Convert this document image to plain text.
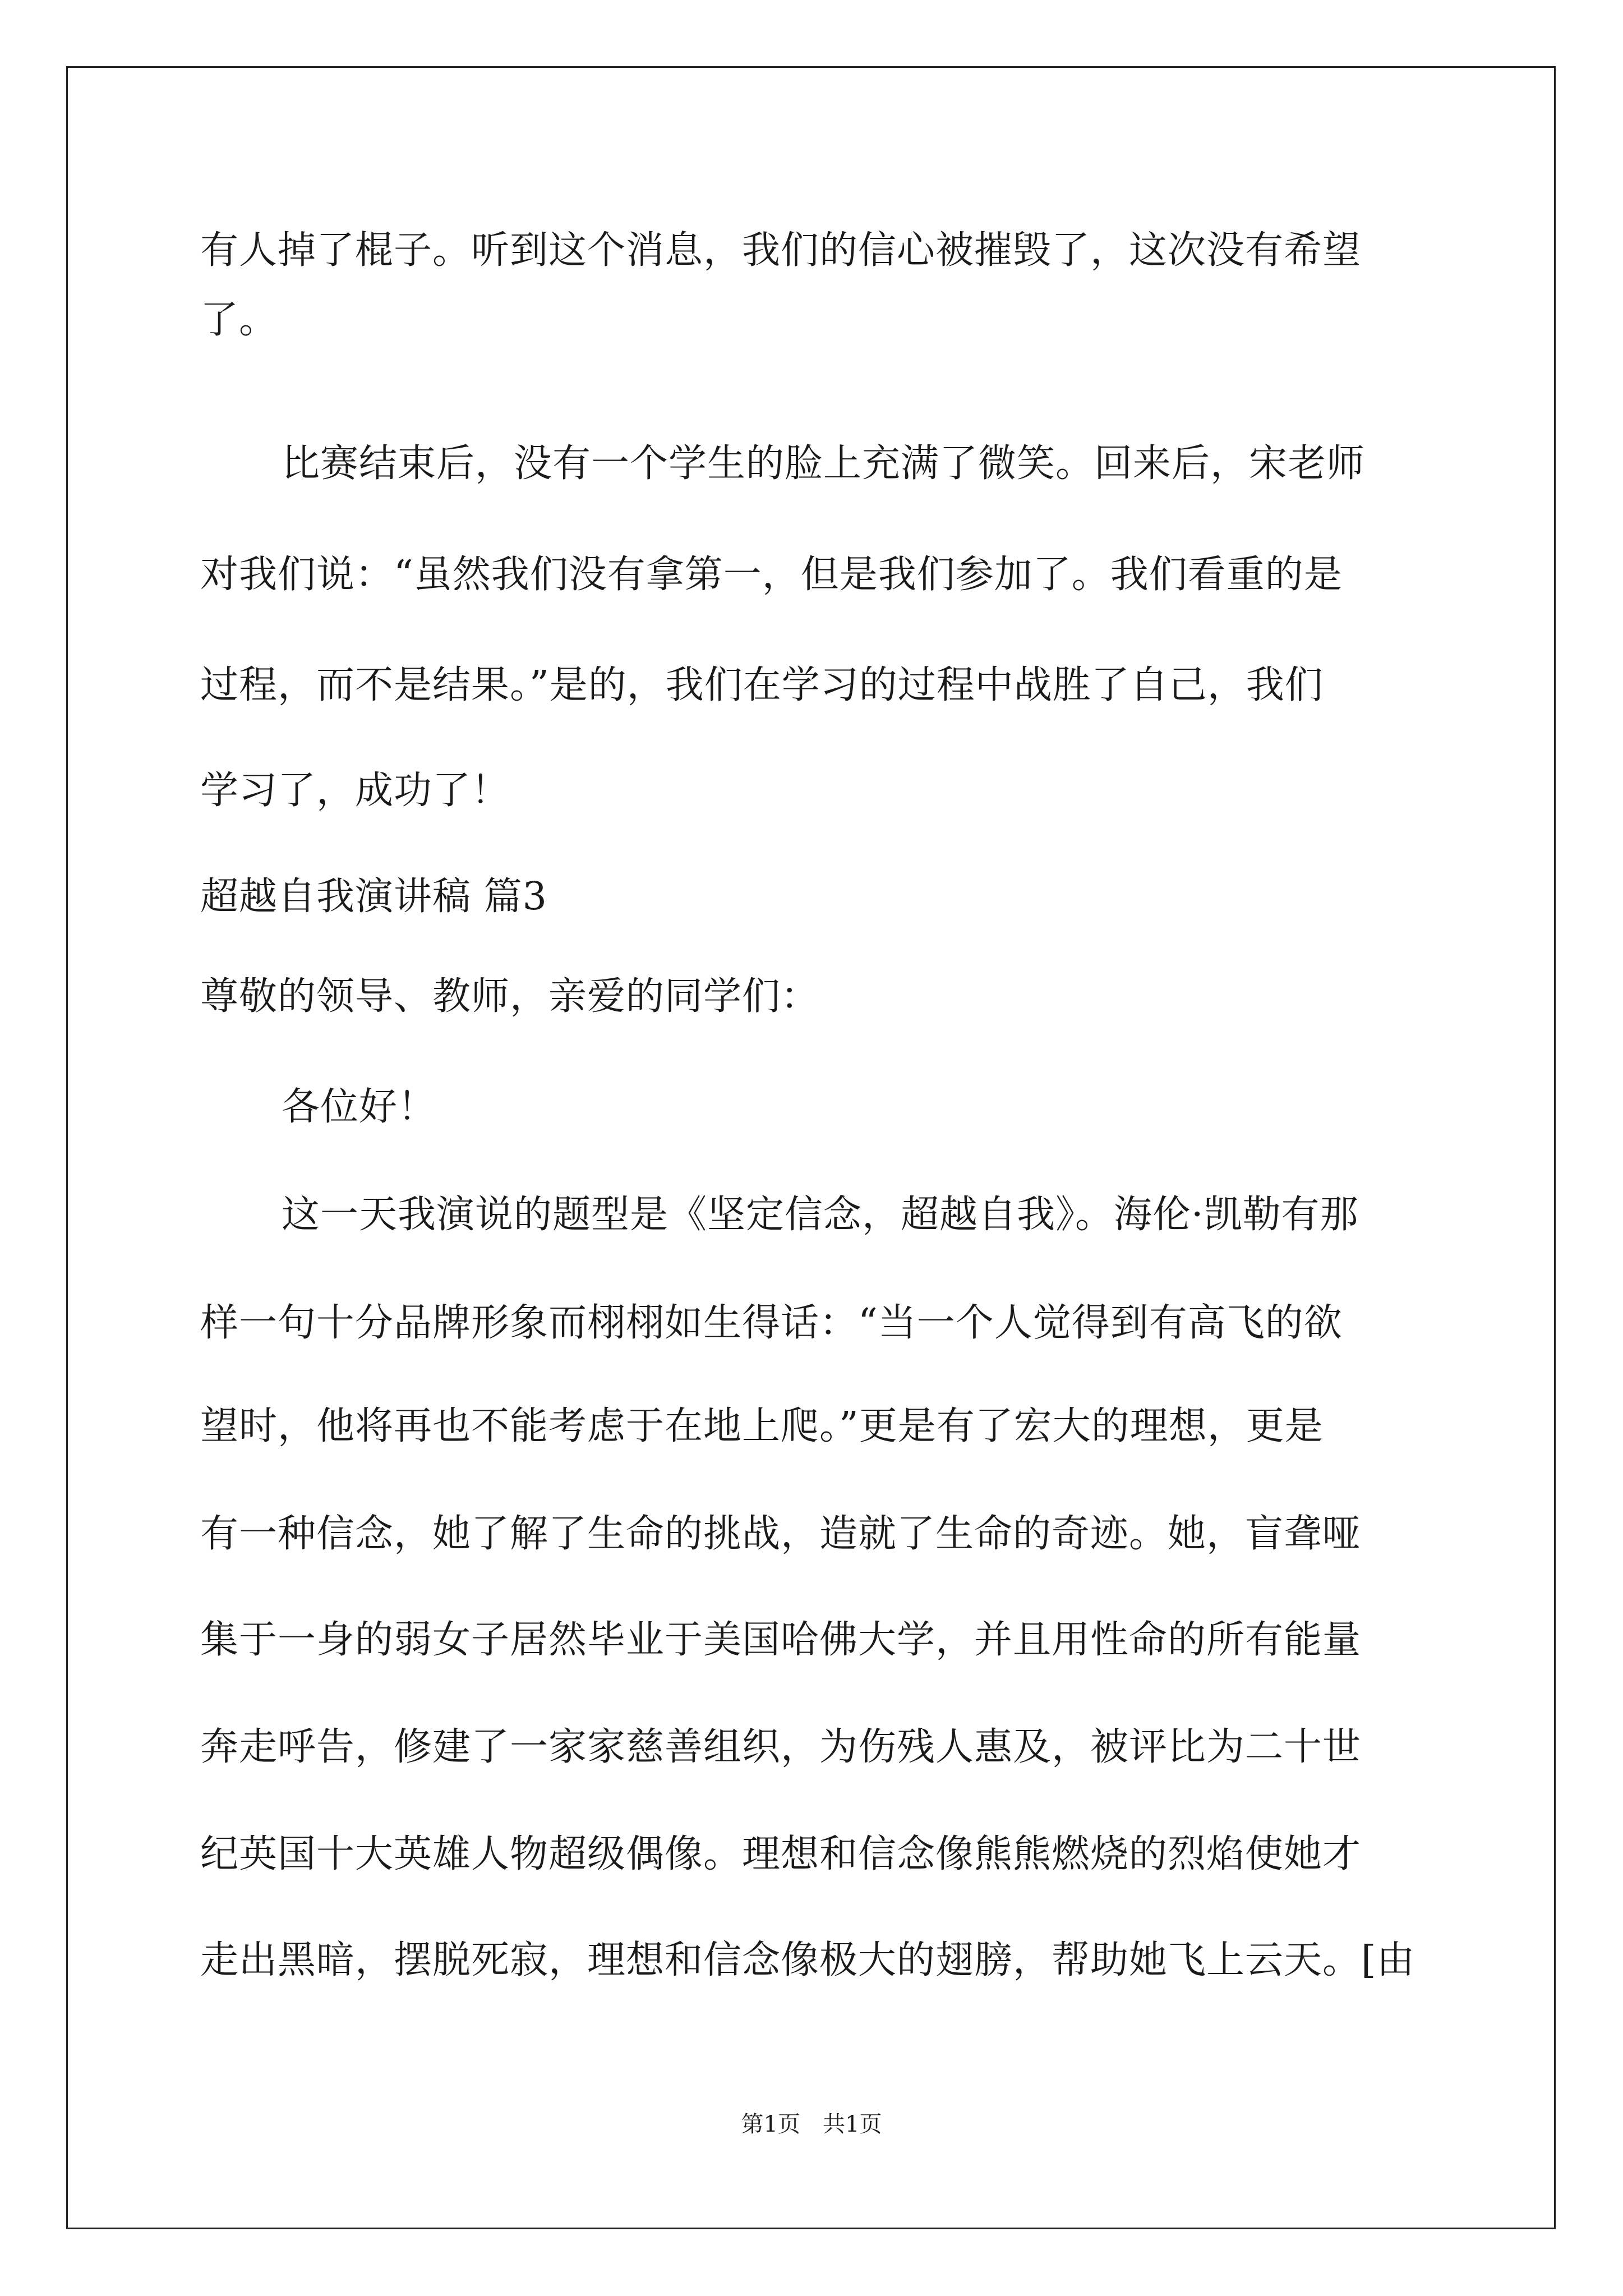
有人掉了棍子。听到这个消息，我们的信心被摧毁了，这次没有希望
了。
比赛结束后，没有一个学生的脸上充满了微笑。回来后，宋老师
对我们说：“虽然我们没有拿第一，但是我们参加了。我们看重的是
过程，而不是结果。”是的，我们在学习的过程中战胜了自己，我们
学习了，成功了！
超越自我演讲稿 篇3
尊敬的领导、教师，亲爱的同学们：
各位好！
这一天我演说的题型是《坚定信念，超越自我》。海伦·凯勒有那
样一句十分品牌形象而栩栩如生得话：“当一个人觉得到有高飞的欲
望时，他将再也不能考虑于在地上爬。”更是有了宏大的理想，更是
有一种信念，她了解了生命的挑战，造就了生命的奇迹。她，盲聋哑
集于一身的弱女子居然毕业于美国哈佛大学，并且用性命的所有能量
奔走呼告，修建了一家家慈善组织，为伤残人惠及，被评比为二十世
纪英国十大英雄人物超级偶像。理想和信念像熊熊燃烧的烈焰使她才
走出黑暗，摆脱死寂，理想和信念像极大的翅膀，帮助她飞上云天。[由
第1页　共1页
